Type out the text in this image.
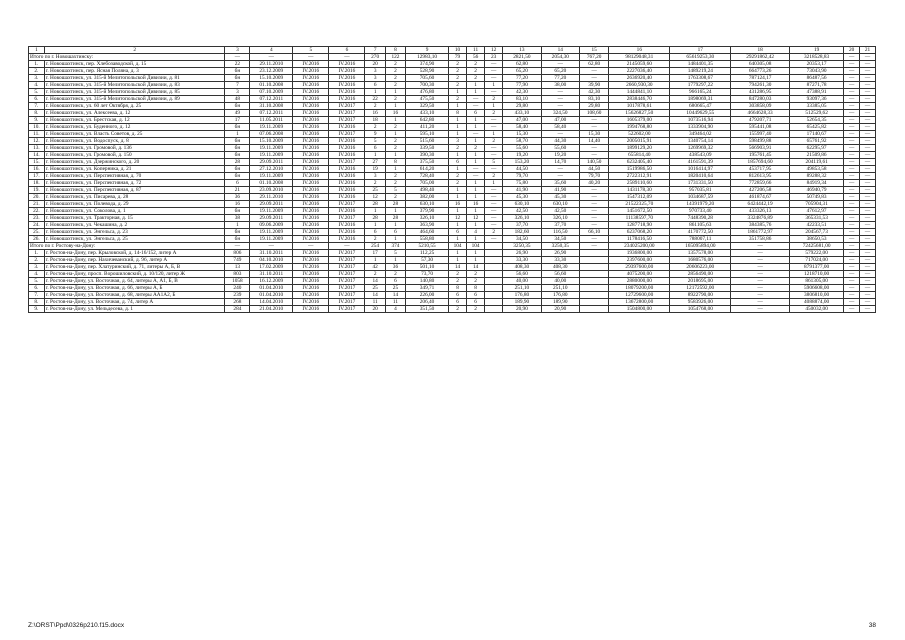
1	2	3	4	5	6	7	8	9	10	11	12	13	14	15	16	17	18	19	20	21
Итого по г. Новошахтинску:		—	—	—	—	270	122	12983,10	79	56	23	2821,50	2054,30	767,20	98129048,31	65619253,30	29291862,42	3218528,83	—	—
1.	г. Новошахтинск, пер. Хлебозаводской, д. 15	22	29.11.2010	IV.2016	IV.2016	20	2	374,90	2	2	—	62,80	—	62,80	2145059,60	1484401,35	640305,08	20353,17	—	—
2.	г. Новошахтинск, пер. Ясная Поляна, д. 3	бн	23.12.2009	IV.2016	IV.2016	3	2	528,90	2	2	—	65,20	65,20	—	2227036,40	1489219,24	664773,26	73043,90	—	—
3.	г. Новошахтинск, ул. 315-й Мелитопольской Дивизии, д. 81	бн	15.10.2009	IV.2016	IV.2016	3	2	705,60	2	2	—	77,20	77,20	—	2636920,40	1763308,67	787124,17	86487,56	—	—
4.	г. Новошахтинск, ул. 315-й Мелитопольской Дивизии, д. 83	7	01.10.2008	IV.2016	IV.2016	6	2	700,30	2	1	1	77,90	38,00	39,90	2660,930,30	1779297,22	794261,30	87271,78	—	—
5.	г. Новошахтинск, ул. 315-й Мелитопольской Дивизии, д. 85	3	07.10.2009	IV.2016	IV.2016	1	1	476,80	1	1	—	42,30	—	42,30	1444841,10	966165,24	431286,95	47388,91	—	—
6.	г. Новошахтинск, ул. 315-й Мелитопольской Дивизии, д. 89	48	07.12.2011	IV.2016	IV.2016	22	2	475,50	2	—	2	83,10	—	83,10	2838446,70	1898069,31	847280,03	93097,36	—	—
7.	г. Новошахтинск, ул. 60 лет Октября, д. 25	бн	31.10.2008	IV.2016	IV.2017	2	1	329,50	1	—	1	29,80	—	29,80	1017878,61	680665,47	303858,09	33385,05	—	—
8.	г. Новошахтинск, ул. Алексеева, д. 12	49	07.12.2011	IV.2016	IV.2017	16	16	433,10	8	6	2	433,10	324,50	108,60	15626827,50	10449629,55	4664628,33	512529,62	—	—
9.	г. Новошахтинск, ул. Брестская, д. 12	17	11.05.2011	IV.2016	IV.2017	18	1	642,80	1	1	—	47,00	47,00	—	1605379,00	1073516,94	479207,71	52654,35	—	—
10.	г. Новошахтинск, ул. Буденного, д. 12	бн	19.11.2009	IV.2016	IV.2016	2	2	411,20	1	1	—	58,40	58,40	—	1994768,80	1333904,90	595441,08	65425,82	—	—
11.	г. Новошахтинск, ул. Власть Советов, д. 25	1	07.06.2008	IV.2016	IV.2017	9	1	595,10	1	—	1	15,30	—	15,30	522602,00	349464,02	155997,40	17140,67	—	—
12.	г. Новошахтинск, ул. Водоспуск, д. 8	бн	15.10.2009	IV.2016	IV.2016	5	2	515,60	3	1	2	58,70	44,30	14,40	2005015,91	1340754,14	598499,88	65761,92	—	—
13.	г. Новошахтинск, ул. Громовой, д. 136	бн	19.11.2009	IV.2016	IV.2016	6	2	339,50	2	2	—	55,60	55,60	—	1899129,20	1269969,32	566903,91	62295,97	—	—
14.	г. Новошахтинск, ул. Громовой, д. 150	бн	19.11.2009	IV.2016	IV.2016	1	1	390,30	1	1	—	19,20	19,20	—	655814,40	438543,09	195761,45	21509,86	—	—
15.	г. Новошахтинск, ул. Дзержинского, д. 20	28	29.09.2011	IV.2016	IV.2017	27	8	375,50	6	1	5	153,20	14,70	140,50	6232405,40	4161591,39	1857694,60	204119,61	—	—
16.	г. Новошахтинск, ул. Коперника, д. 21	бн	27.12.2010	IV.2016	IV.2016	19	1	614,20	1	—	—	44,50	—	44,50	1519986,50	1016414,97	453717,95	49853,58	—	—
17.	г. Новошахтинск, ул. Перспективная, д. 70	бн	19.11.2009	IV.2016	IV.2016	3	2	728,40	2	—	2	79,70	—	79,70	2722312,91	1820410,64	812613,95	89288,32	—	—
18.	г. Новошахтинск, ул. Перспективная, д. 72	6	01.10.2008	IV.2016	IV.2016	2	2	705,00	2	1	1	75,80	35,60	40,20	2589110,60	1731331,50	772859,66	84919,34	—	—
19.	г. Новошахтинск, ул. Перспективная, д. 87	21	23.09.2010	IV.2016	IV.2016	25	5	498,40	1	1	—	41,90	41,90	—	1431178,30	957035,81	427206,58	46940,79	—	—
20.	г. Новошахтинск, ул. Писарева, д. 28	36	29.11.2010	IV.2016	IV.2016	12	2	382,00	1	1	—	45,30	45,30	—	1547312,09	1034687,59	461874,67	50749,83	—	—
21.	г. Новошахтинск, ул. Полевода, д. 29	16	29.09.2011	IV.2016	IV.2017	28	28	630,10	16	16	—	630,10	630,10	—	21522325,70	14391979,20	6424442,19	705904,31	—	—
22.	г. Новошахтинск, ул. Соколова, д. 1	бн	19.11.2009	IV.2016	IV.2016	1	1	379,90	1	1	—	42,50	42,50	—	1451672,50	970733,40	433326,13	47612,97	—	—
23.	г. Новошахтинск, ул. Тракторная, д. 15	38	29.09.2011	IV.2016	IV.2017	28	28	326,10	12	12	—	326,10	326,10	—	11138597,70	7448390,28	3324876,89	365331,53	—	—
24.	г. Новошахтинск, ул. Чекашина, д. 2	1	09.06.2009	IV.2016	IV.2016	1	1	363,90	1	1	—	37,70	37,70	—	1287718,90	861105,63	384385,76	42233,51	—	—
25.	г. Новошахтинск, ул. Энгельса, д. 23	бн	19.11.2009	IV.2016	IV.2016	6	6	464,60	6	4	2	182,60	116,50	66,10	6237068,20	4170772,50	1861772,97	204567,73	—	—
26.	г. Новошахтинск, ул. Энгельса, д. 25	бн	19.11.2009	IV.2016	IV.2016	2	1	558,80	1	1	—	34,50	34,50	—	1178416,50	788007,11	351758,86	38650,53	—	—
Итого по г. Ростову-на-Дону:		—	—	—	—	254	374	5210,55	104	104		3250,35	3250,35	—	234025200,00	165095894,00	—	72425681,00	—	—
1.	г. Ростов-на-Дону, пер. Крыловской, д. 14-16/152, литер А	806	31.10.2011	IV.2016	IV.2017	17	5	112,25	1	1		26,90	26,90		1936800,00	1357578,00	—	579222,00	—	—
2.	г. Ростов-на-Дону, пер. Нахичеванский, д. 96, литер А	749	04.10.2010	IV.2016	IV.2017	1	1	57,30	1	1		33,30	33,30		2397600,00	1680576,00	—	717024,00	—	—
3.	г. Ростов-на-Дону, пер. Хлатуринский, д. 71, литеры А, Б, В	13	17.02.2009	IV.2016	IV.2017	42	36	501,10	14	14		408,30	408,30		29397600,00	20606223,00	—	8791377,00	—	—
4.	г. Ростов-на-Дону, просп. Ворошиловский, д. 10/120, литер Ж	803	31.10.2011	IV.2016	IV.2017	2	2	73,70	2	2		56,60	56,60		4075200,00	2856490,00	—	1218710,00	—	—
5.	г. Ростов-на-Дону, ул. Восточная, д. 64, литеры А, А1, Б, В	1058	16.12.2009	IV.2016	IV.2017	14	6	140,80	2	2		40,00	40,00		2880000,00	2018695,00	—	861305,00	—	—
6.	г. Ростов-на-Дону, ул. Восточная, д. 66, литеры А, Б	240	01.04.2010	IV.2016	IV.2017	25	25	349,71	8	8		251,10	251,10		18079200,00	12172592,00	—	5906608,00	—	—
7.	г. Ростов-на-Дону, ул. Восточная, д. 68, литеры АА1А2, Б	239	01.04.2010	IV.2016	IV.2017	14	14	226,00	6	6		176,80	176,80		12729600,00	8922790,00	—	3806810,00	—	—
8.	г. Ростов-на-Дону, ул. Восточная, д. 74, литер А	268	14.04.2010	IV.2016	IV.2017	11	11	206,40	6	6		189,90	189,90		13672800,00	9583926,00	—	4088874,00	—	—
9.	г. Ростов-на-Дону, ул. Мельдесева, д. 1	284	21.04.2010	IV.2016	IV.2017	20	4	351,50	2	2		20,90	20,90		1504800,00	1054768,00	—	450032,00	—	—
Z:\ORST\Ppd\0326p210.f15.docx	38
